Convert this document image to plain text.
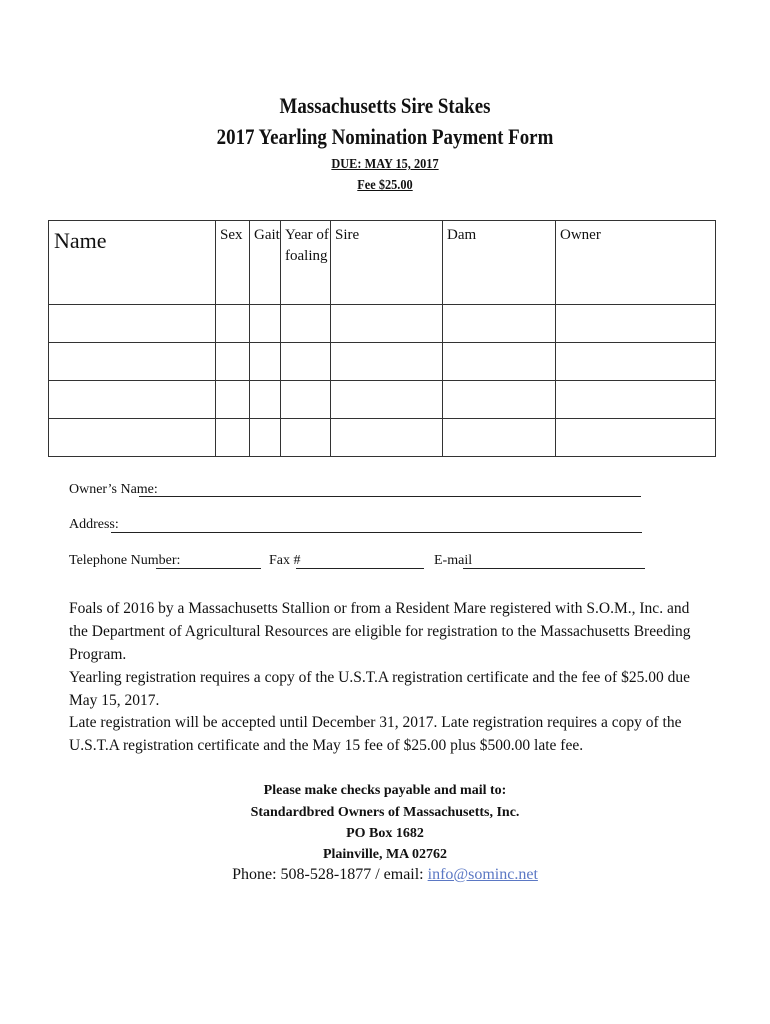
Massachusetts Sire Stakes
2017 Yearling Nomination Payment Form
DUE: MAY 15, 2017
Fee $25.00
Name	Sex	Gait	Year of foaling	Sire	Dam	Owner

Owner’s Name:
Address:
Telephone Number:	Fax #	E-mail
Foals of 2016 by a Massachusetts Stallion or from a Resident Mare registered with S.O.M., Inc. and the Department of Agricultural Resources are eligible for registration to the Massachusetts Breeding Program.
Yearling registration requires a copy of the U.S.T.A registration certificate and the fee of $25.00 due May 15, 2017.
Late registration will be accepted until December 31, 2017. Late registration requires a copy of the U.S.T.A registration certificate and the May 15 fee of $25.00 plus $500.00 late fee.
Please make checks payable and mail to:
Standardbred Owners of Massachusetts, Inc.
PO Box 1682
Plainville, MA 02762
Phone: 508-528-1877 / email: info@sominc.net
